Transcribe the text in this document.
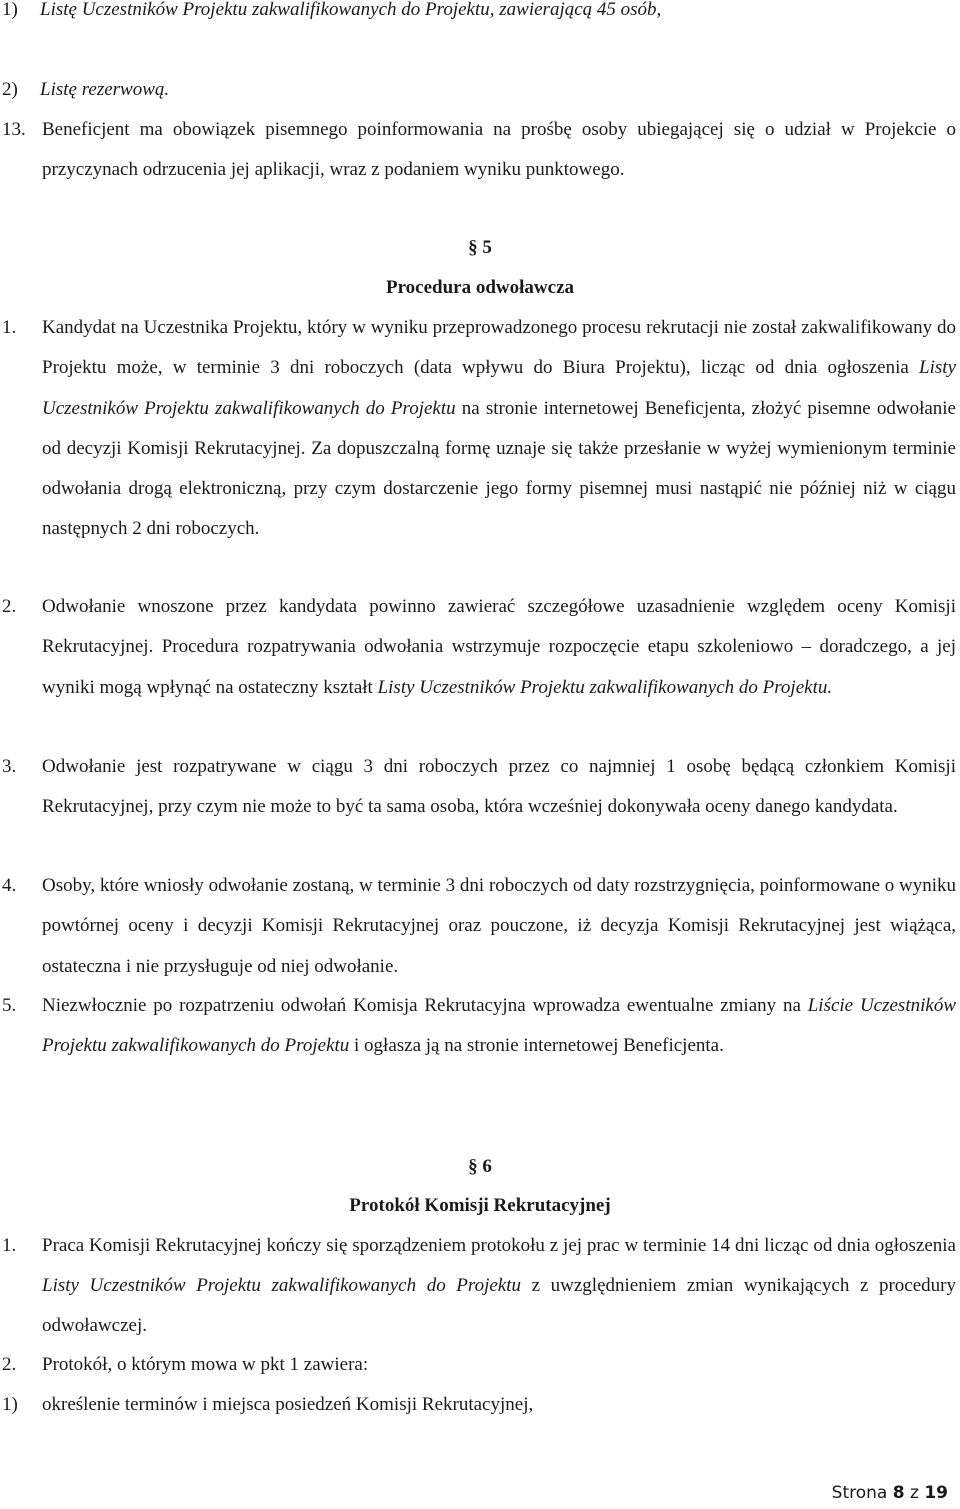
1)	Listę Uczestników Projektu zakwalifikowanych do Projektu, zawierającą 45 osób,
2)	Listę rezerwową.
13. Beneficjent ma obowiązek pisemnego poinformowania na prośbę osoby ubiegającej się o udział w Projekcie o przyczynach odrzucenia jej aplikacji, wraz z podaniem wyniku punktowego.
§ 5
Procedura odwoławcza
1.	Kandydat na Uczestnika Projektu, który w wyniku przeprowadzonego procesu rekrutacji nie został zakwalifikowany do Projektu może, w terminie 3 dni roboczych (data wpływu do Biura Projektu), licząc od dnia ogłoszenia Listy Uczestników Projektu zakwalifikowanych do Projektu na stronie internetowej Beneficjenta, złożyć pisemne odwołanie od decyzji Komisji Rekrutacyjnej. Za dopuszczalną formę uznaje się także przesłanie w wyżej wymienionym terminie odwołania drogą elektroniczną, przy czym dostarczenie jego formy pisemnej musi nastąpić nie później niż w ciągu następnych 2 dni roboczych.
2.	Odwołanie wnoszone przez kandydata powinno zawierać szczegółowe uzasadnienie względem oceny Komisji Rekrutacyjnej. Procedura rozpatrywania odwołania wstrzymuje rozpoczęcie etapu szkoleniowo – doradczego, a jej wyniki mogą wpłynąć na ostateczny kształt Listy Uczestników Projektu zakwalifikowanych do Projektu.
3.	Odwołanie jest rozpatrywane w ciągu 3 dni roboczych przez co najmniej 1 osobę będącą członkiem Komisji Rekrutacyjnej, przy czym nie może to być ta sama osoba, która wcześniej dokonywała oceny danego kandydata.
4.	Osoby, które wniosły odwołanie zostaną, w terminie 3 dni roboczych od daty rozstrzygnięcia, poinformowane o wyniku powtórnej oceny i decyzji Komisji Rekrutacyjnej oraz pouczone, iż decyzja Komisji Rekrutacyjnej jest wiążąca, ostateczna i nie przysługuje od niej odwołanie.
5.	Niezwłocznie po rozpatrzeniu odwołań Komisja Rekrutacyjna wprowadza ewentualne zmiany na Liście Uczestników Projektu zakwalifikowanych do Projektu i ogłasza ją na stronie internetowej Beneficjenta.
§ 6
Protokół Komisji Rekrutacyjnej
1.	Praca Komisji Rekrutacyjnej kończy się sporządzeniem protokołu z jej prac w terminie 14 dni licząc od dnia ogłoszenia Listy Uczestników Projektu zakwalifikowanych do Projektu z uwzględnieniem zmian wynikających z procedury odwoławczej.
2.	Protokół, o którym mowa w pkt 1 zawiera:
1)	określenie terminów i miejsca posiedzeń Komisji Rekrutacyjnej,
Strona 8 z 19
